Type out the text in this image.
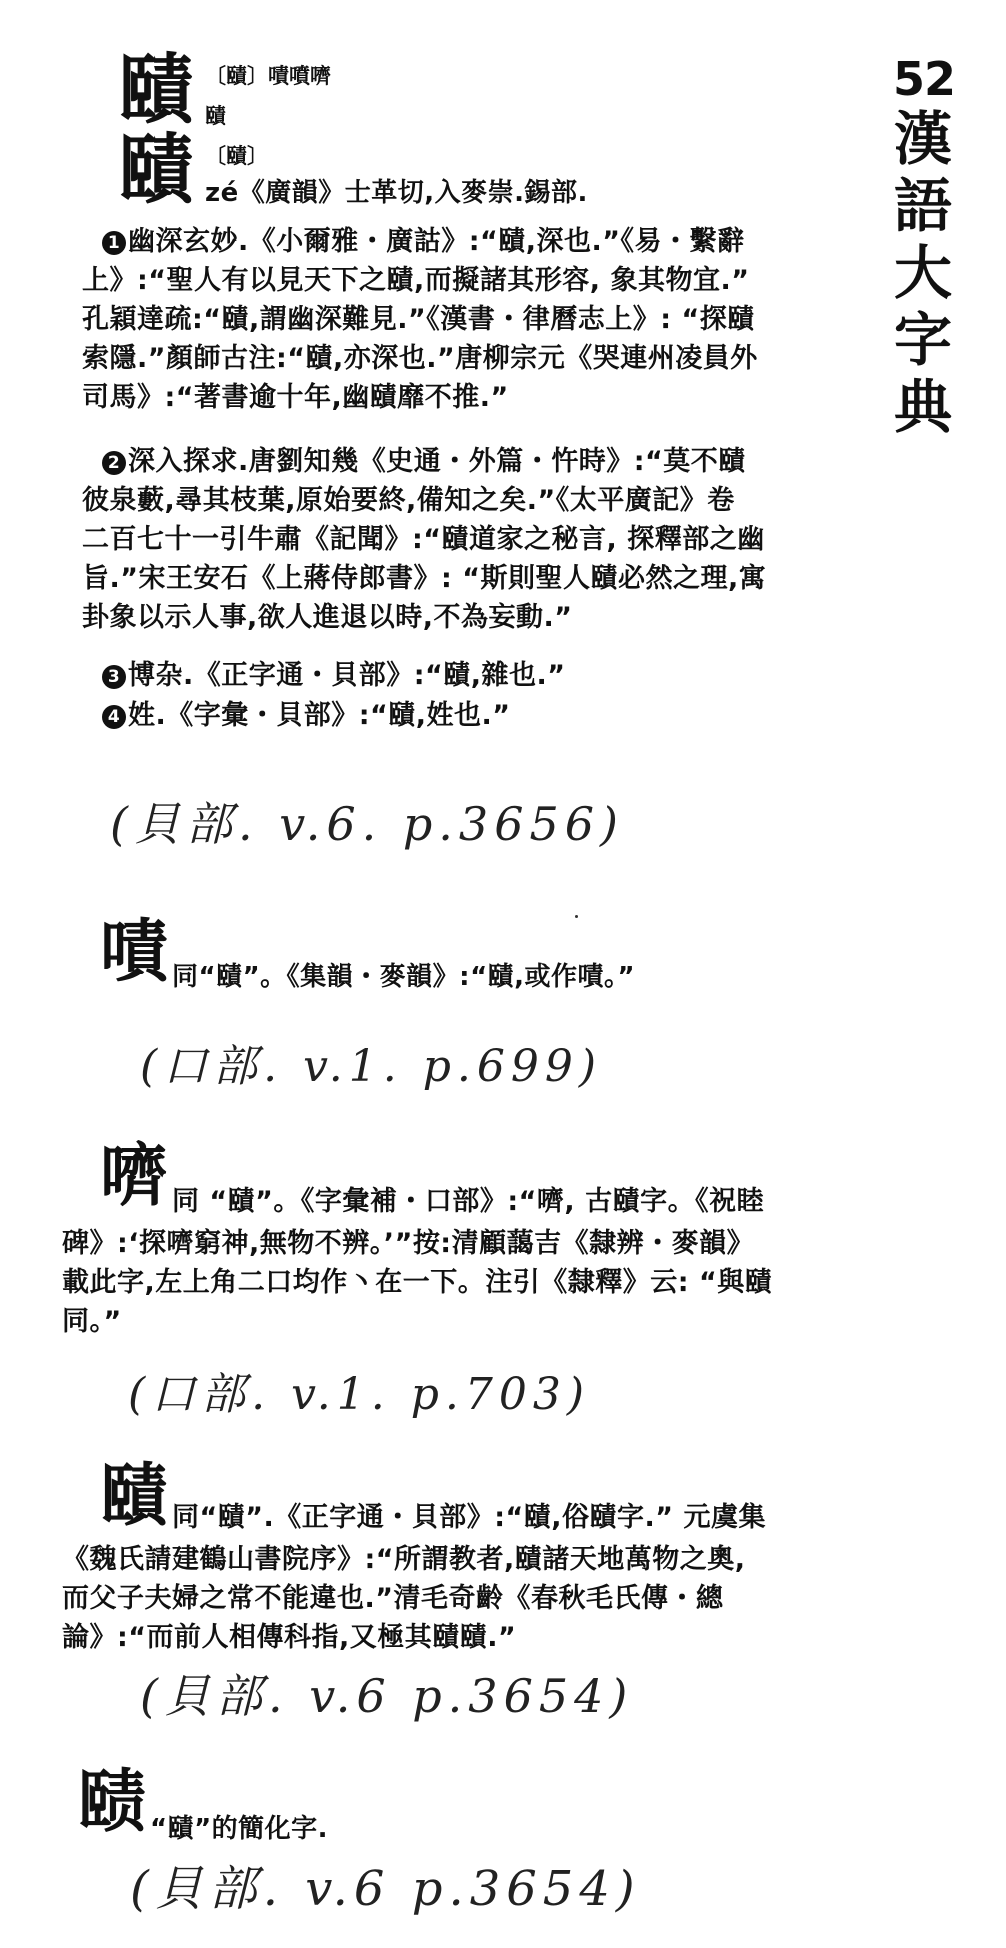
52
漢語大字典
賾 〔賾〕嘖噴嚌
賾
賾 〔賾〕
zé《廣韻》士革切,入麥崇.錫部.

1 幽深玄妙.《小爾雅・廣詁》:“賾,深也.”《易・繫辭

上》:“聖人有以見天下之賾,而擬諸其形容, 象其物宜.”

孔穎達疏:“賾,謂幽深難見.”《漢書・律曆志上》: “探賾

索隱.”顏師古注:“賾,亦深也.”唐柳宗元《哭連州凌員外

司馬》:“著書逾十年,幽賾靡不推.”

2 深入探求.唐劉知幾《史通・外篇・忤時》:“莫不賾

彼泉藪,尋其枝葉,原始要終,備知之矣.”《太平廣記》卷

二百七十一引牛肅《記聞》:“賾道家之秘言, 探釋部之幽

旨.”宋王安石《上蔣侍郎書》: “斯則聖人賾必然之理,寓

卦象以示人事,欲人進退以時,不為妄動.”

3 博杂.《正字通・貝部》:“賾,雜也.”
4 姓.《字彙・貝部》:“賾,姓也.”
(貝部. v.6. p.3656)
嘖 同“賾”。《集韻・麥韻》:“賾,或作嘖。”
(口部. v.1. p.699)
嚌 同 “賾”。《字彙補・口部》:“嚌, 古賾字。《祝睦

碑》:‘探嚌窮神,無物不辨。’”按:清顧藹吉《隸辨・麥韻》

載此字,左上角二口均作丶在一下。注引《隸釋》云: “與賾

同。”

(口部. v.1. p.703)
賾 同“賾”.《正字通・貝部》:“賾,俗賾字.” 元虞集

《魏氏請建鶴山書院序》:“所謂教者,賾諸天地萬物之奧,

而父子夫婦之常不能違也.”清毛奇齡《春秋毛氏傳・總

論》:“而前人相傳科指,又極其賾賾.”

(貝部. v.6 p.3654)
赜 “賾”的簡化字.
(貝部. v.6 p.3654)
